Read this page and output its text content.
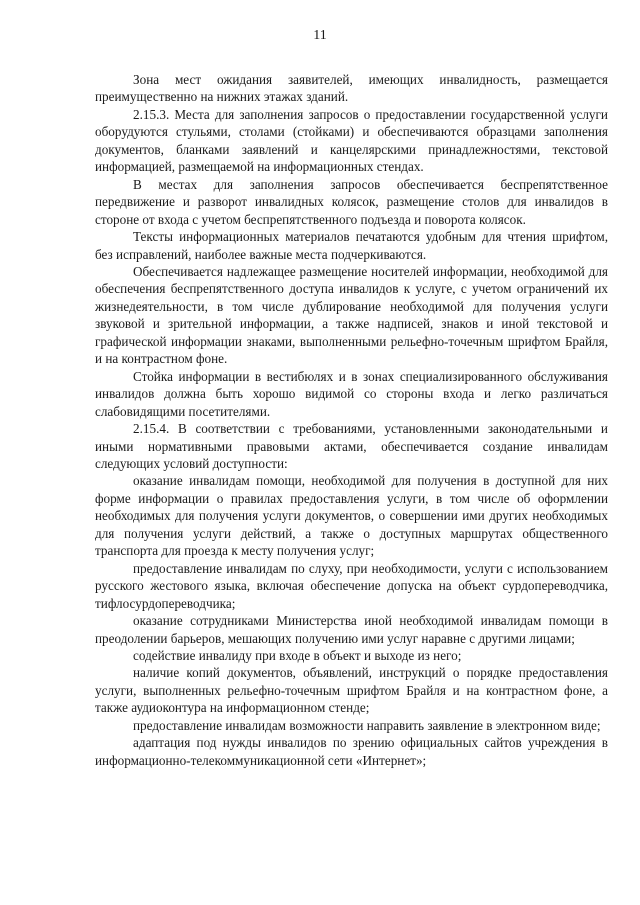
11

Зона мест ожидания заявителей, имеющих инвалидность, размещается преимущественно на нижних этажах зданий.

2.15.3. Места для заполнения запросов о предоставлении государственной услуги оборудуются стульями, столами (стойками) и обеспечиваются образцами заполнения документов, бланками заявлений и канцелярскими принадлежностями, текстовой информацией, размещаемой на информационных стендах.

В местах для заполнения запросов обеспечивается беспрепятственное передвижение и разворот инвалидных колясок, размещение столов для инвалидов в стороне от входа с учетом беспрепятственного подъезда и поворота колясок.

Тексты информационных материалов печатаются удобным для чтения шрифтом, без исправлений, наиболее важные места подчеркиваются.

Обеспечивается надлежащее размещение носителей информации, необходимой для обеспечения беспрепятственного доступа инвалидов к услуге, с учетом ограничений их жизнедеятельности, в том числе дублирование необходимой для получения услуги звуковой и зрительной информации, а также надписей, знаков и иной текстовой и графической информации знаками, выполненными рельефно-точечным шрифтом Брайля, и на контрастном фоне.

Стойка информации в вестибюлях и в зонах специализированного обслуживания инвалидов должна быть хорошо видимой со стороны входа и легко различаться слабовидящими посетителями.

2.15.4. В соответствии с требованиями, установленными законодательными и иными нормативными правовыми актами, обеспечивается создание инвалидам следующих условий доступности:

оказание инвалидам помощи, необходимой для получения в доступной для них форме информации о правилах предоставления услуги, в том числе об оформлении необходимых для получения услуги документов, о совершении ими других необходимых для получения услуги действий, а также о доступных маршрутах общественного транспорта для проезда к месту получения услуг;

предоставление инвалидам по слуху, при необходимости, услуги с использованием русского жестового языка, включая обеспечение допуска на объект сурдопереводчика, тифлосурдопереводчика;

оказание сотрудниками Министерства иной необходимой инвалидам помощи в преодолении барьеров, мешающих получению ими услуг наравне с другими лицами;

содействие инвалиду при входе в объект и выходе из него;

наличие копий документов, объявлений, инструкций о порядке предоставления услуги, выполненных рельефно-точечным шрифтом Брайля и на контрастном фоне, а также аудиоконтура на информационном стенде;

предоставление инвалидам возможности направить заявление в электронном виде;

адаптация под нужды инвалидов по зрению официальных сайтов учреждения в информационно-телекоммуникационной сети «Интернет»;
